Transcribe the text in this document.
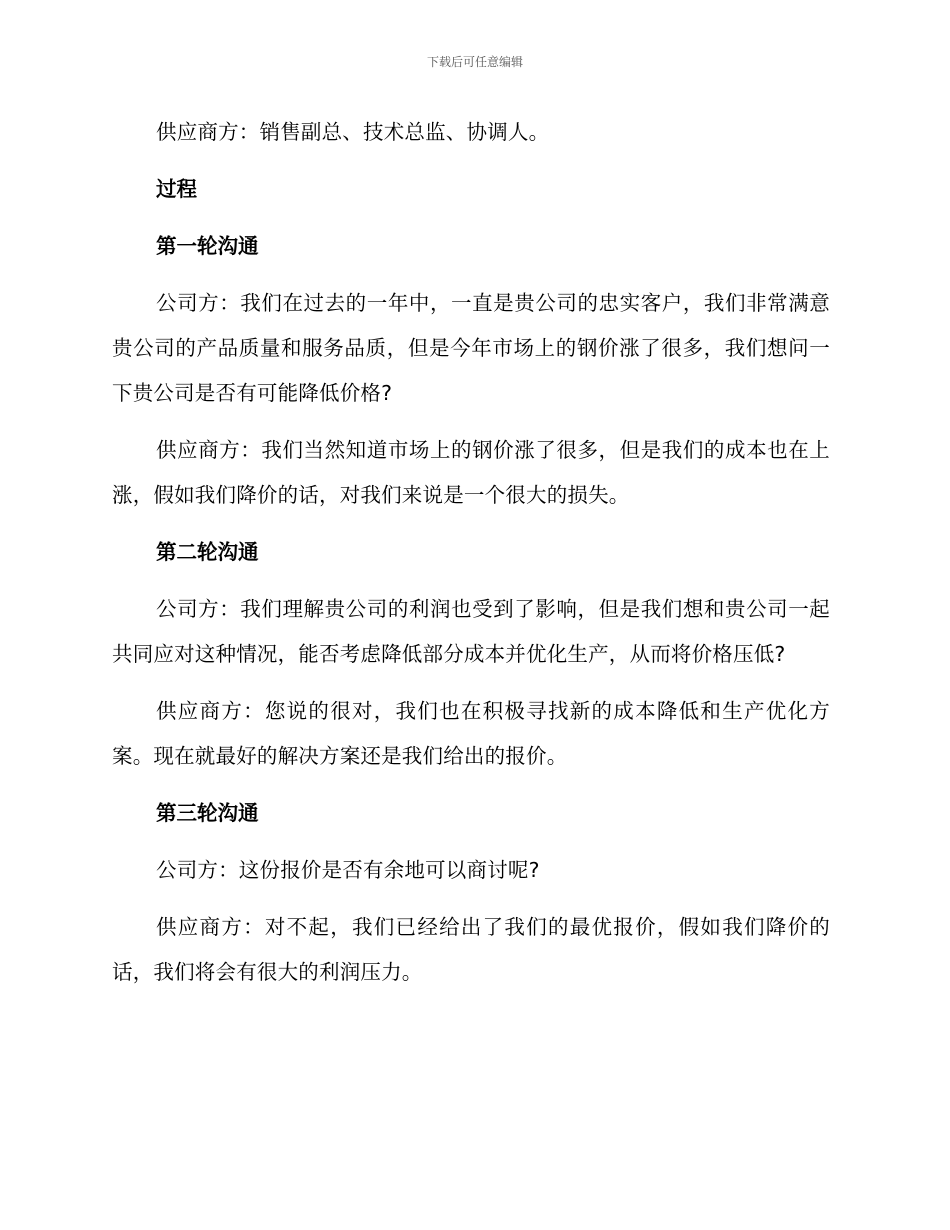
下载后可任意编辑

供应商方：销售副总、技术总监、协调人。

过程

第一轮沟通

公司方：我们在过去的一年中，一直是贵公司的忠实客户，我们非常满意贵公司的产品质量和服务品质，但是今年市场上的钢价涨了很多，我们想问一下贵公司是否有可能降低价格?

供应商方：我们当然知道市场上的钢价涨了很多，但是我们的成本也在上涨，假如我们降价的话，对我们来说是一个很大的损失。

第二轮沟通

公司方：我们理解贵公司的利润也受到了影响，但是我们想和贵公司一起共同应对这种情况，能否考虑降低部分成本并优化生产，从而将价格压低?

供应商方：您说的很对，我们也在积极寻找新的成本降低和生产优化方案。现在就最好的解决方案还是我们给出的报价。

第三轮沟通

公司方：这份报价是否有余地可以商讨呢?

供应商方：对不起，我们已经给出了我们的最优报价，假如我们降价的话，我们将会有很大的利润压力。
